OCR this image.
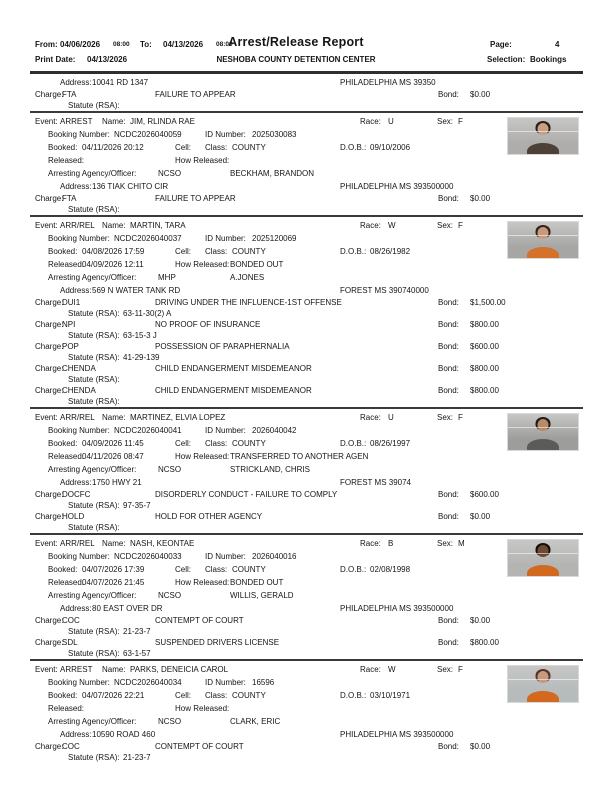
From: 04/06/2026 08:00 To: 04/13/2026 08:00
Arrest/Release Report	Page:	4
Print Date: 04/13/2026	NESHOBA COUNTY DETENTION CENTER	Selection: Bookings
Address: 10041 RD 1347	PHILADELPHIA MS 39350
Charge:
FTA	FAILURE TO APPEAR	Bond: $0.00
Statute (RSA):
Event: ARREST Name: JIM, RLINDA RAE	Race: U	Sex: F
Booking Number: NCDC2026040059	ID Number: 2025030083
Booked: 04/11/2026 20:12	Cell: Class: COUNTY	D.O.B.: 09/10/2006
Released:	How Released:
Arresting Agency/Officer:	NCSO	BECKHAM, BRANDON
Address: 136 TIAK CHITO CIR	PHILADELPHIA MS 393500000
Charge:
FTA	FAILURE TO APPEAR	Bond: $0.00
Statute (RSA):
Event: ARR/REL Name: MARTIN, TARA	Race: W	Sex: F
Booking Number: NCDC2026040037	ID Number: 2025120069
Booked: 04/08/2026 17:59	Cell: Class: COUNTY	D.O.B.: 08/26/1982
Released:
04/09/2026 12:11	How Released: BONDED OUT
Arresting Agency/Officer:	MHP	A.JONES
Address: 569 N WATER TANK RD	FOREST MS 390740000
Charge:
DUI1	DRIVING UNDER THE INFLUENCE-1ST OFFENSE	Bond: $1,500.00
Statute (RSA): 63-11-30(2) A
Charge:
NPI	NO PROOF OF INSURANCE	Bond: $800.00
Statute (RSA): 63-15-3 J
Charge:
POP	POSSESSION OF PARAPHERNALIA	Bond: $600.00
Statute (RSA): 41-29-139
Charge:
CHENDA	CHILD ENDANGERMENT MISDEMEANOR	Bond: $800.00
Statute (RSA):
Charge:
CHENDA	CHILD ENDANGERMENT MISDEMEANOR	Bond: $800.00
Statute (RSA):
Event: ARR/REL Name: MARTINEZ, ELVIA LOPEZ	Race: U	Sex: F
Booking Number: NCDC2026040041	ID Number: 2026040042
Booked: 04/09/2026 11:45	Cell: Class: COUNTY	D.O.B.: 08/26/1997
Released:
04/11/2026 08:47	How Released: TRANSFERRED TO ANOTHER AGEN
Arresting Agency/Officer:	NCSO	STRICKLAND, CHRIS
Address: 1750 HWY 21	FOREST MS 39074
Charge:
DOCFC	DISORDERLY CONDUCT - FAILURE TO COMPLY	Bond: $600.00
Statute (RSA): 97-35-7
Charge:
HOLD	HOLD FOR OTHER AGENCY	Bond: $0.00
Statute (RSA):
Event: ARR/REL Name: NASH, KEONTAE	Race: B	Sex: M
Booking Number: NCDC2026040033	ID Number: 2026040016
Booked: 04/07/2026 17:39	Cell: Class: COUNTY	D.O.B.: 02/08/1998
Released:
04/07/2026 21:45	How Released: BONDED OUT
Arresting Agency/Officer:	NCSO	WILLIS, GERALD
Address: 80 EAST OVER DR	PHILADELPHIA MS 393500000
Charge:
COC	CONTEMPT OF COURT	Bond: $0.00
Statute (RSA): 21-23-7
Charge:
SDL	SUSPENDED DRIVERS LICENSE	Bond: $800.00
Statute (RSA): 63-1-57
Event: ARREST Name: PARKS, DENEICIA CAROL	Race: W	Sex: F
Booking Number: NCDC2026040034	ID Number: 16596
Booked: 04/07/2026 22:21	Cell: Class: COUNTY	D.O.B.: 03/10/1971
Released:	How Released:
Arresting Agency/Officer:	NCSO	CLARK, ERIC
Address: 10590 ROAD 460	PHILADELPHIA MS 393500000
Charge:
COC	CONTEMPT OF COURT	Bond: $0.00
Statute (RSA): 21-23-7
